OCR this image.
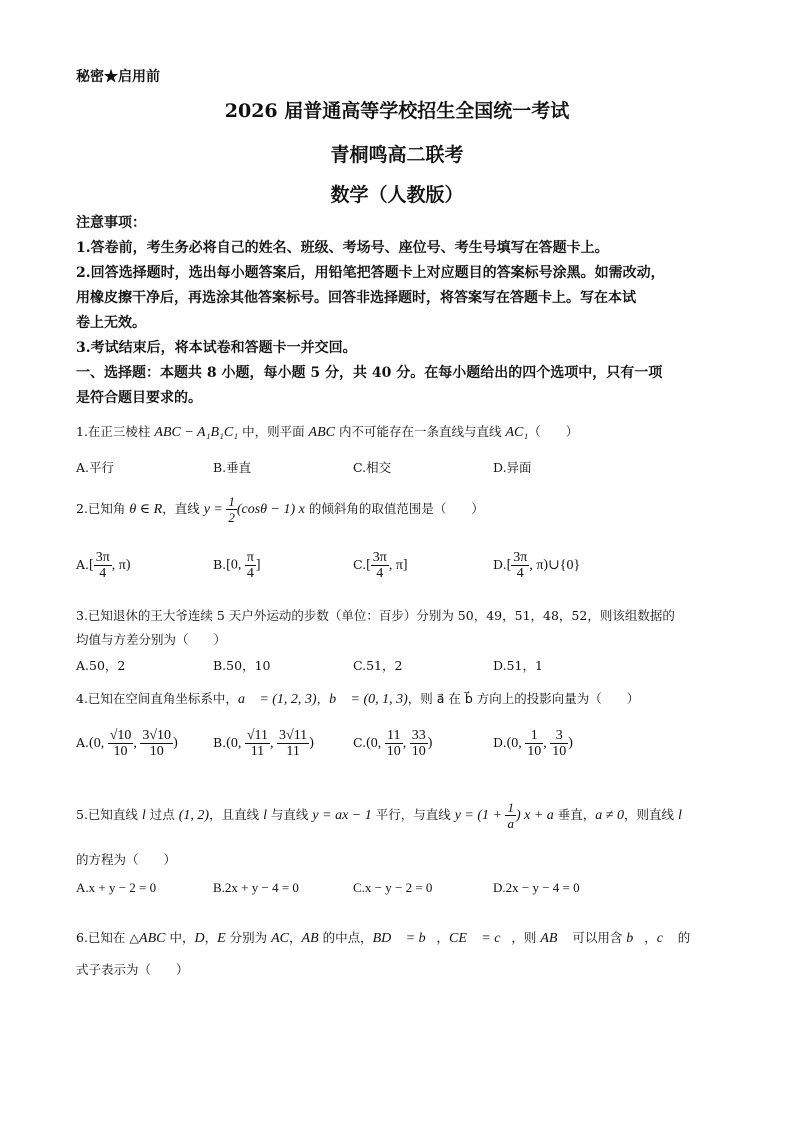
秘密★启用前
2026 届普通高等学校招生全国统一考试
青桐鸣高二联考
数学（人教版）
注意事项：
1.答卷前，考生务必将自己的姓名、班级、考场号、座位号、考生号填写在答题卡上。
2.回答选择题时，选出每小题答案后，用铅笔把答题卡上对应题目的答案标号涂黑。如需改动，
用橡皮擦干净后，再选涂其他答案标号。回答非选择题时，将答案写在答题卡上。写在本试
卷上无效。
3.考试结束后，将本试卷和答题卡一并交回。
一、选择题：本题共 8 小题，每小题 5 分，共 40 分。在每小题给出的四个选项中，只有一项
是符合题目要求的。
1.在正三棱柱 ABC − A₁B₁C₁ 中，则平面 ABC 内不可能存在一条直线与直线 AC₁（　　）
A.平行	B.垂直	C.相交	D.异面
2.已知角 θ ∈ R，直线 $y = \frac{1}{2} (\cos\theta - 1)$ x 的倾斜角的取值范围是（　　）
$A.[ \frac{3\pi}{4}$ , π)	B.[0, $\frac{\pi}{4}$ ]	$C.[ \frac{3\pi}{4}$ , π]	$D.[ \frac{3\pi}{4}$ , π)∪{0}
3.已知退休的王大爷连续 5 天户外运动的步数（单位：百步）分别为 50，49，51，48，52，则该组数据的
均值与方差分别为（　　）
A.50，2	B.50，10	C.51，2	D.51，1
4.已知在空间直角坐标系中，a⃗ = (1, 2, 3)，b⃗ = (0, 1, 3)，则 a⃗ 在 b⃗ 方向上的投影向量为（　　）
A.(0, $\frac{√10}{10}$ , $\frac{3√10}{10}$ )	B.(0, $\frac{√11}{11}$ , $\frac{3√11}{11}$ )	C.(0, $\frac{11}{10}$ , $\frac{33}{10}$ )	D.(0, $\frac{1}{10}$ , $\frac{3}{10}$ )
5.已知直线 l 过点 (1, 2)，且直线 l 与直线 y = ax − 1 平行，与直线 $y = (1 + \frac{1}{a}$ ) x + a 垂直，a ≠ 0，则直线 l
的方程为（　　）
A.x + y − 2 = 0	B.2x + y − 4 = 0	C.x − y − 2 = 0	D.2x − y − 4 = 0
6.已知在 △ABC 中，D，E 分别为 AC，AB 的中点，BD⃗ = b⃗，CE⃗ = c⃗，则 AB⃗ 可以用含 b⃗，c⃗ 的
式子表示为（　　）
